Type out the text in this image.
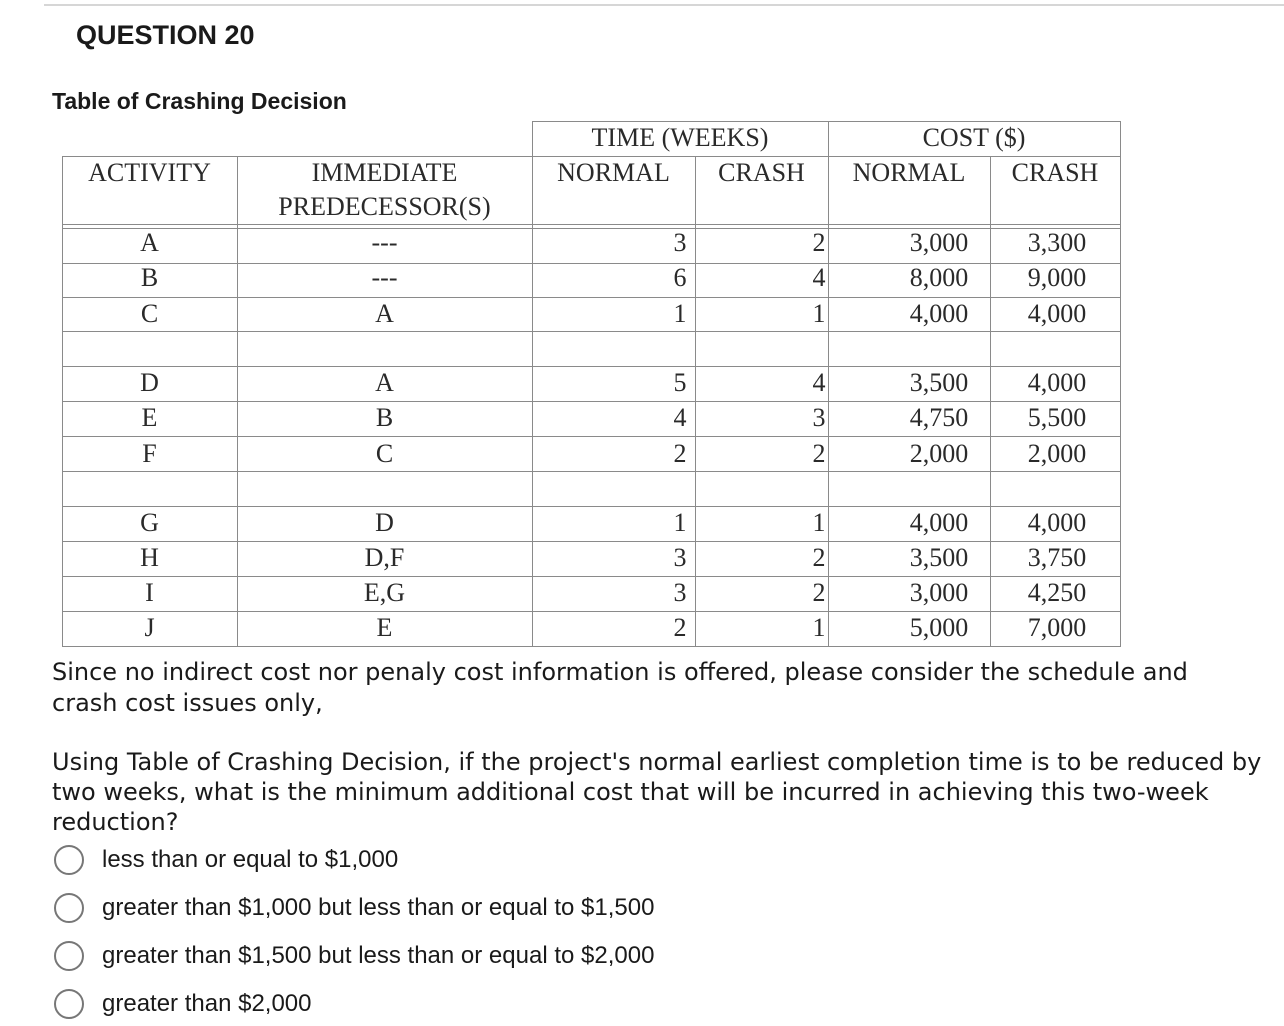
QUESTION 20
Table of Crashing Decision
TIME (WEEKS)	COST ($)
ACTIVITY	IMMEDIATE
PREDECESSOR(S)
NORMAL	CRASH	NORMAL	CRASH
A	---	3	2	3,000	3,300
B	---	6	4	8,000	9,000
C	A	1	1	4,000	4,000
D	A	5	4	3,500	4,000
E	B	4	3	4,750	5,500
F	C	2	2	2,000	2,000
G	D	1	1	4,000	4,000
H	D,F	3	2	3,500	3,750
I	E,G	3	2	3,000	4,250
J	E	2	1	5,000	7,000
Since no indirect cost nor penaly cost information is offered, please consider the schedule and crash cost issues only,
Using Table of Crashing Decision, if the project's normal earliest completion time is to be reduced by two weeks, what is the minimum additional cost that will be incurred in achieving this two-week reduction?
less than or equal to $1,000
greater than $1,000 but less than or equal to $1,500
greater than $1,500 but less than or equal to $2,000
greater than $2,000
